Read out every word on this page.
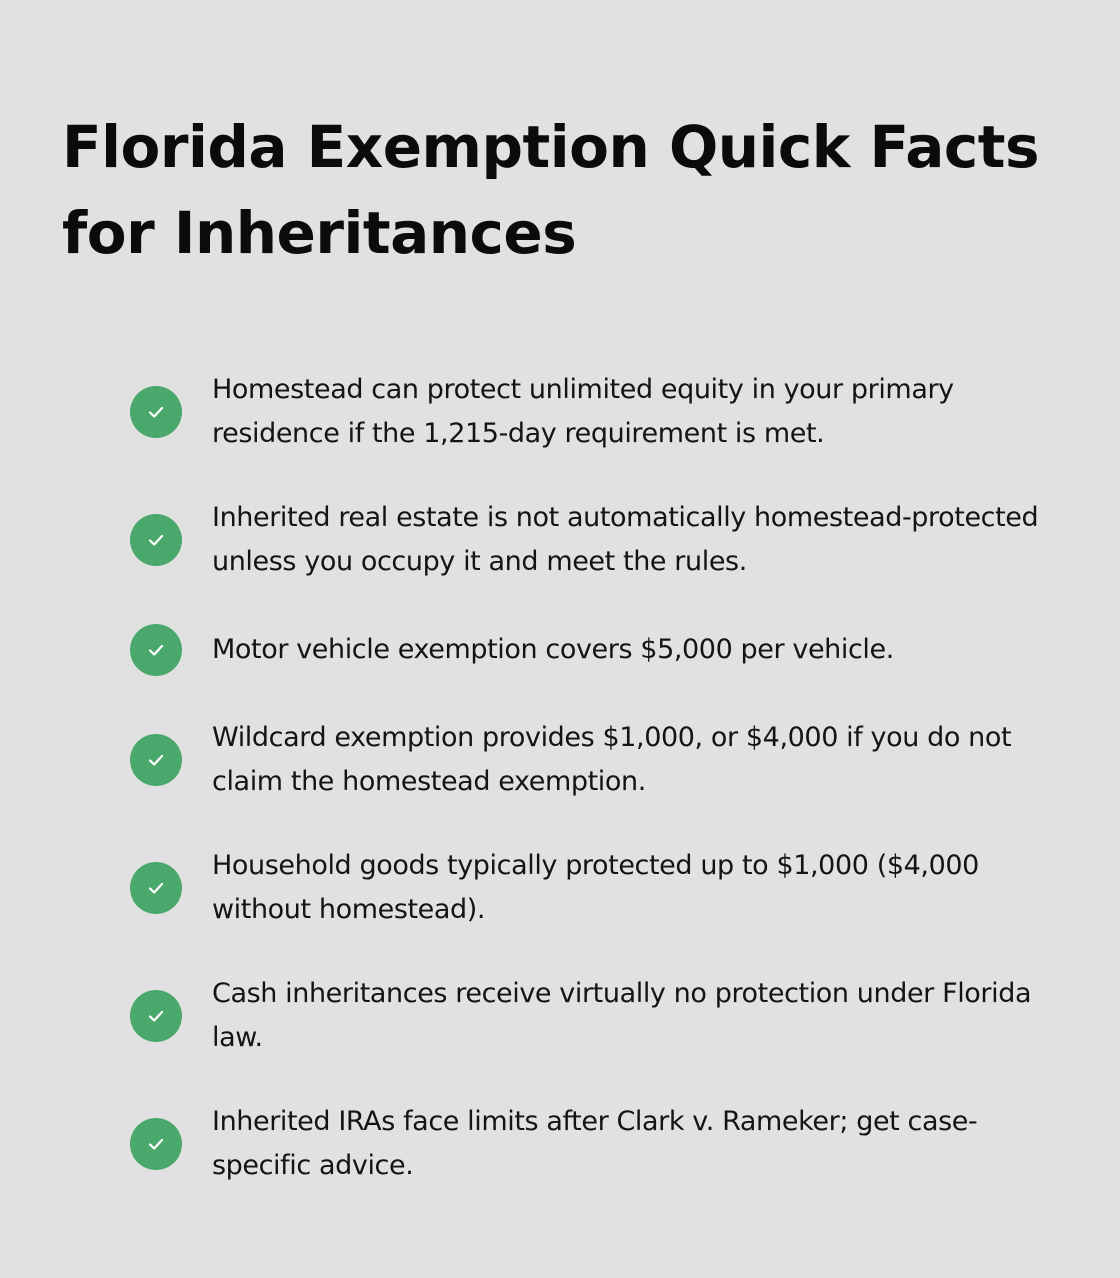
Florida Exemption Quick Facts for Inheritances

Homestead can protect unlimited equity in your primary residence if the 1,215-day requirement is met.

Inherited real estate is not automatically homestead-protected unless you occupy it and meet the rules.

Motor vehicle exemption covers $5,000 per vehicle.

Wildcard exemption provides $1,000, or $4,000 if you do not claim the homestead exemption.

Household goods typically protected up to $1,000 ($4,000 without homestead).

Cash inheritances receive virtually no protection under Florida law.

Inherited IRAs face limits after Clark v. Rameker; get case-specific advice.
